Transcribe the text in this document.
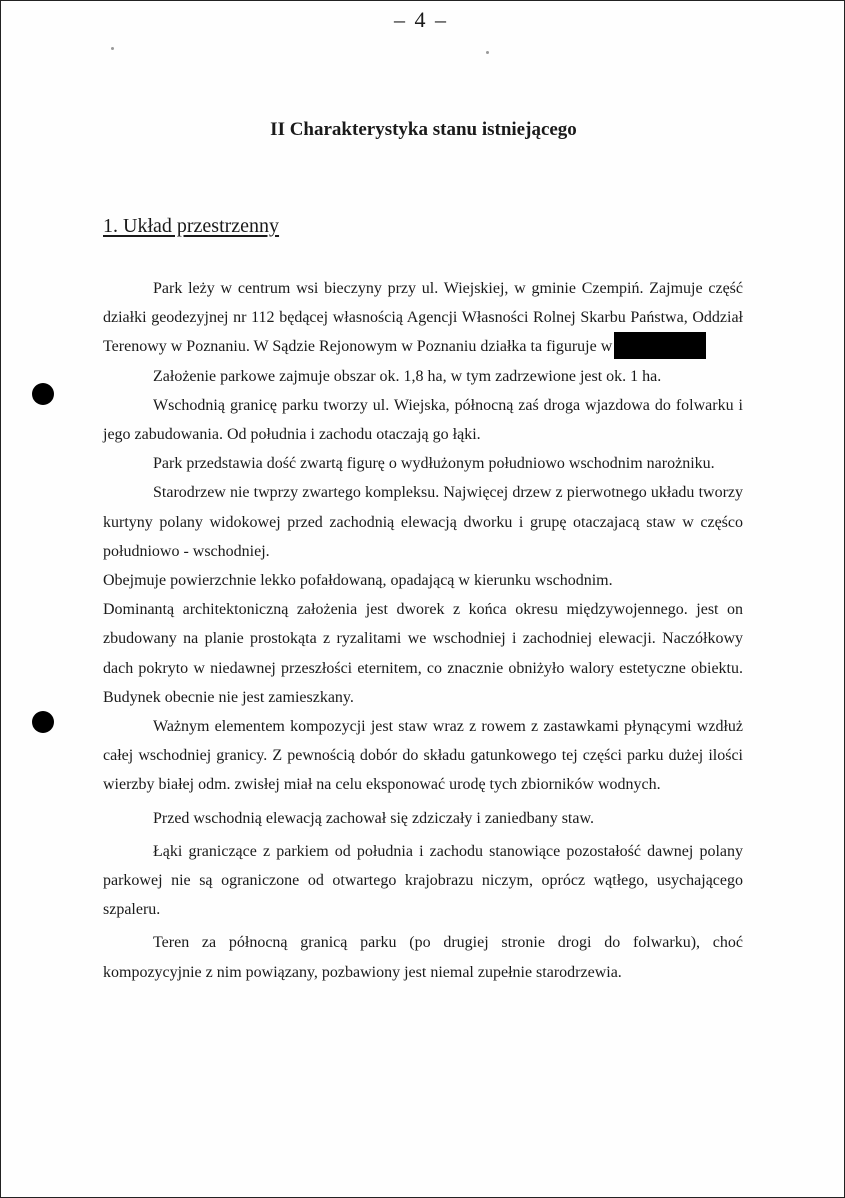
– 4 –
II Charakterystyka stanu istniejącego
1. Układ przestrzenny

Park leży w centrum wsi bieczyny przy ul. Wiejskiej, w gminie Czempiń. Zajmuje część działki geodezyjnej nr 112 będącej własnością Agencji Własności Rolnej Skarbu Państwa, Oddział Terenowy w Poznaniu. W Sądzie Rejonowym w Poznaniu działka ta figuruje w

Założenie parkowe zajmuje obszar ok. 1,8 ha, w tym zadrzewione jest ok. 1 ha.

Wschodnią granicę parku tworzy ul. Wiejska, północną zaś droga wjazdowa do folwarku i jego zabudowania. Od południa i zachodu otaczają go łąki.

Park przedstawia dość zwartą figurę o wydłużonym południowo wschodnim narożniku.

Starodrzew nie twprzy zwartego kompleksu. Najwięcej drzew z pierwotnego układu tworzy kurtyny polany widokowej przed zachodnią elewacją dworku i grupę otaczajacą staw w częśco południowo - wschodniej.

Obejmuje powierzchnie lekko pofałdowaną, opadającą w kierunku wschodnim.

Dominantą architektoniczną założenia jest dworek z końca okresu międzywojennego. jest on zbudowany na planie prostokąta z ryzalitami we wschodniej i zachodniej elewacji. Naczółkowy dach pokryto w niedawnej przeszłości eternitem, co znacznie obniżyło walory estetyczne obiektu. Budynek obecnie nie jest zamieszkany.

Ważnym elementem kompozycji jest staw wraz z rowem z zastawkami płynącymi wzdłuż całej wschodniej granicy. Z pewnością dobór do składu gatunkowego tej części parku dużej ilości wierzby białej odm. zwisłej miał na celu eksponować urodę tych zbiorników wodnych.

Przed wschodnią elewacją zachował się zdziczały i zaniedbany staw.

Łąki graniczące z parkiem od południa i zachodu stanowiące pozostałość dawnej polany parkowej nie są ograniczone od otwartego krajobrazu niczym, oprócz wątłego, usychającego szpaleru.

Teren za północną granicą parku (po drugiej stronie drogi do folwarku), choć kompozycyjnie z nim powiązany, pozbawiony jest niemal zupełnie starodrzewia.
